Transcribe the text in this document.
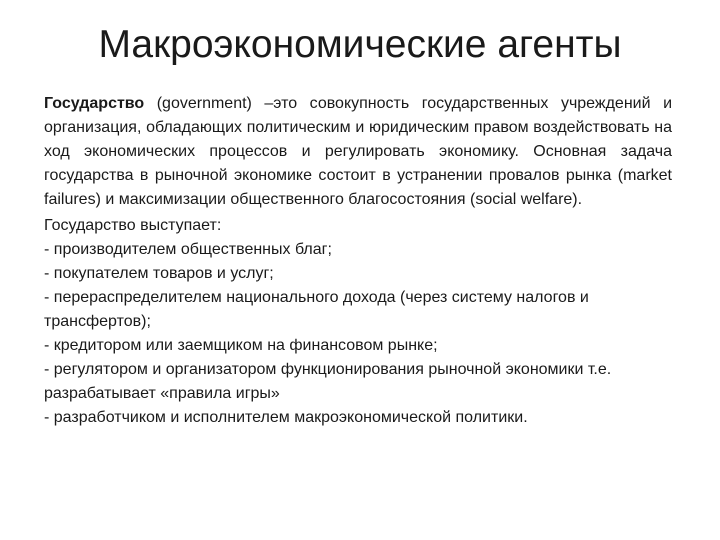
Макроэкономические агенты

Государство (government) –это совокупность государственных учреждений и организация, обладающих политическим и юридическим правом воздействовать на ход экономических процессов и регулировать экономику. Основная задача государства в рыночной экономике состоит в устранении провалов рынка (market failures) и максимизации общественного благосостояния (social welfare).

Государство выступает:

- производителем общественных благ;
- покупателем товаров и услуг;
- перераспределителем национального дохода (через систему налогов и трансфертов);
- кредитором или заемщиком на финансовом рынке;
- регулятором и организатором функционирования рыночной экономики т.е. разрабатывает «правила игры»
- разработчиком и исполнителем макроэкономической политики.
